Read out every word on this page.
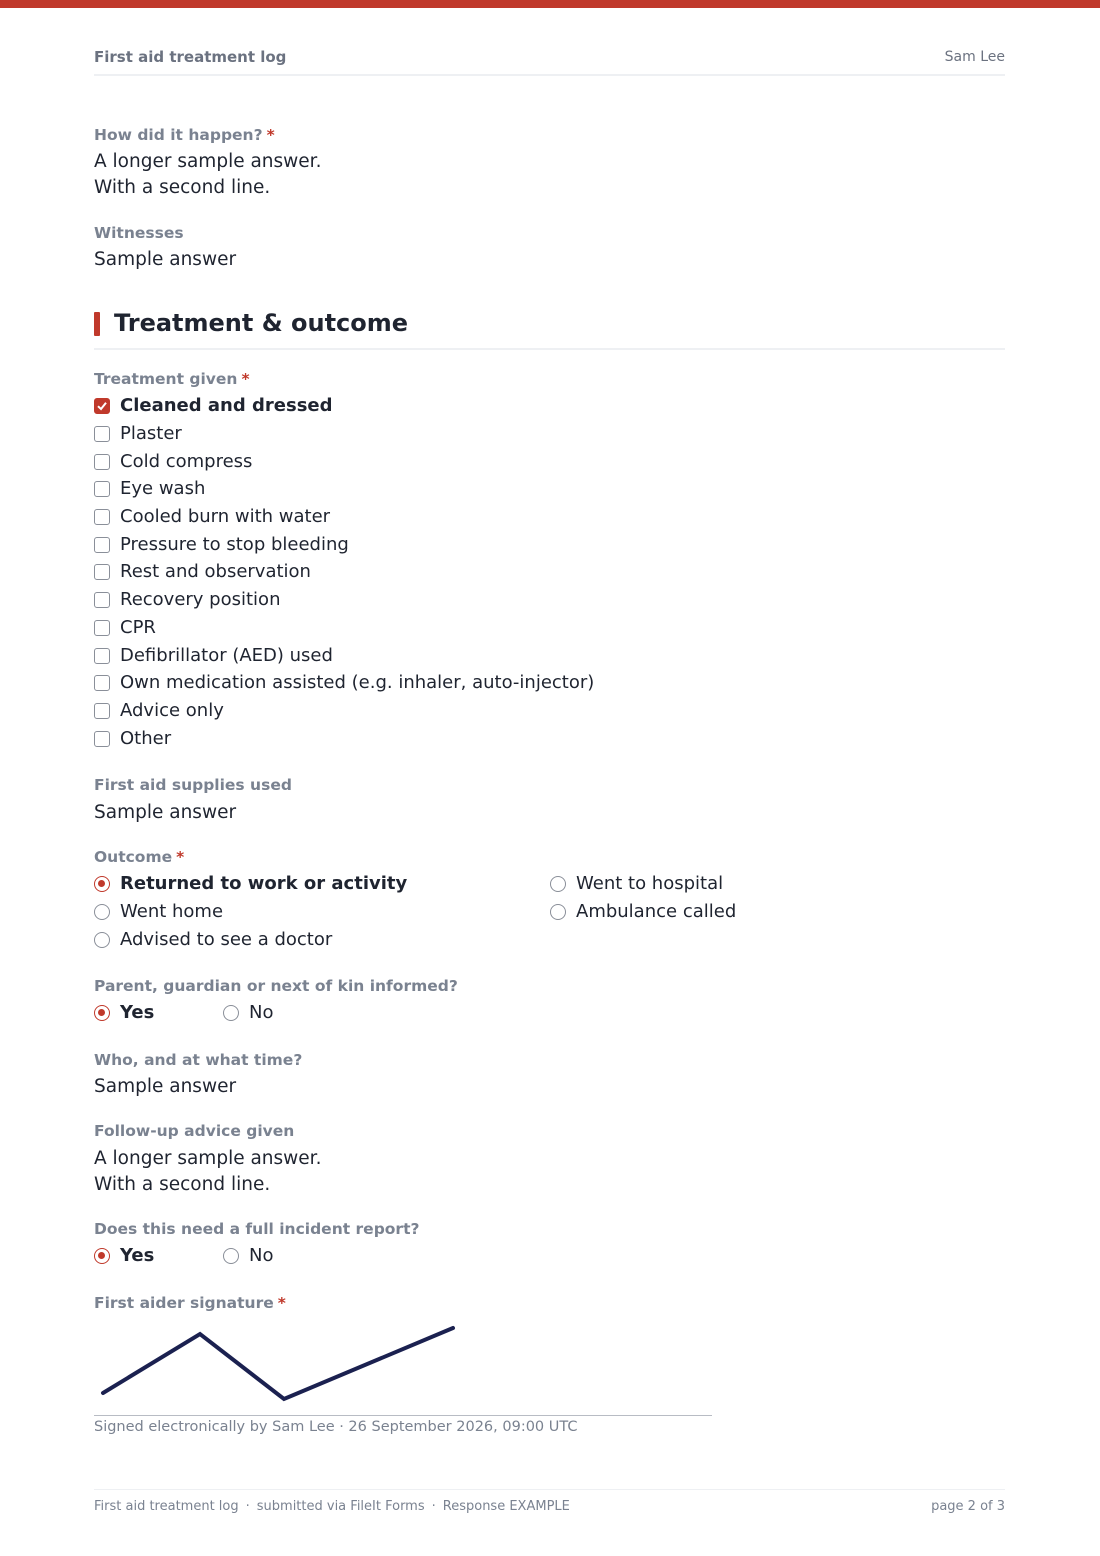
First aid treatment log	Sam Lee
How did it happen? *
A longer sample answer.
With a second line.
Witnesses
Sample answer
Treatment & outcome
Treatment given *
Cleaned and dressed
Plaster
Cold compress
Eye wash
Cooled burn with water
Pressure to stop bleeding
Rest and observation
Recovery position
CPR
Defibrillator (AED) used
Own medication assisted (e.g. inhaler, auto-injector)
Advice only
Other
First aid supplies used
Sample answer
Outcome *
Returned to work or activity
Went home
Advised to see a doctor
Went to hospital
Ambulance called
Parent, guardian or next of kin informed?
Yes	No
Who, and at what time?
Sample answer
Follow-up advice given
A longer sample answer.
With a second line.
Does this need a full incident report?
Yes	No
First aider signature *
Signed electronically by Sam Lee · 26 September 2026, 09:00 UTC
First aid treatment log · submitted via FileIt Forms · Response EXAMPLE	page 2 of 3
